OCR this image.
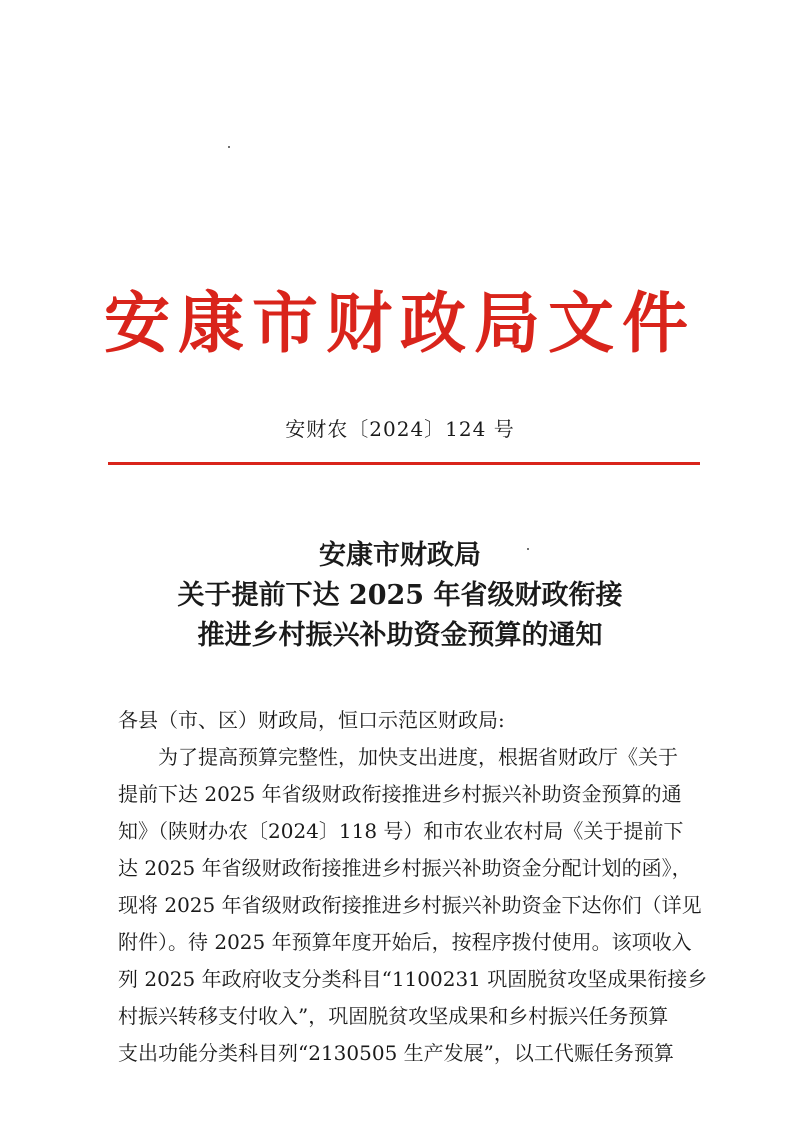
安康市财政局文件
安财农〔2024〕124 号
安康市财政局
关于提前下达 2025 年省级财政衔接
推进乡村振兴补助资金预算的通知
各县（市、区）财政局，恒口示范区财政局:
为了提高预算完整性，加快支出进度，根据省财政厅《关于
提前下达 2025 年省级财政衔接推进乡村振兴补助资金预算的通
知》（陕财办农〔2024〕118 号）和市农业农村局《关于提前下
达 2025 年省级财政衔接推进乡村振兴补助资金分配计划的函》，
现将 2025 年省级财政衔接推进乡村振兴补助资金下达你们（详见
附件）。待 2025 年预算年度开始后，按程序拨付使用。该项收入
列 2025 年政府收支分类科目“1100231 巩固脱贫攻坚成果衔接乡
村振兴转移支付收入”，巩固脱贫攻坚成果和乡村振兴任务预算
支出功能分类科目列“2130505 生产发展”，以工代赈任务预算
